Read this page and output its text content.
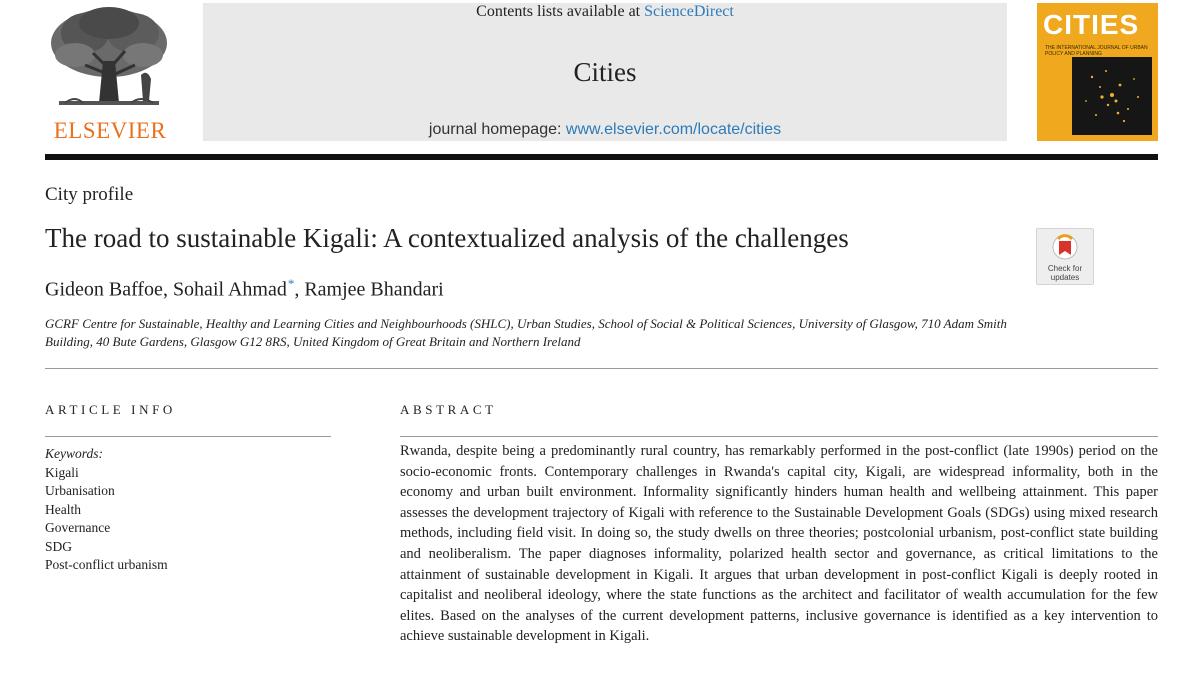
ELSEVIER
Contents lists available at ScienceDirect
Cities
journal homepage: www.elsevier.com/locate/cities
CITIES
THE INTERNATIONAL JOURNAL OF URBAN POLICY AND PLANNING
City profile
The road to sustainable Kigali: A contextualized analysis of the challenges
Check for updates
Gideon Baffoe, Sohail Ahmad*, Ramjee Bhandari
GCRF Centre for Sustainable, Healthy and Learning Cities and Neighbourhoods (SHLC), Urban Studies, School of Social & Political Sciences, University of Glasgow, 710 Adam Smith Building, 40 Bute Gardens, Glasgow G12 8RS, United Kingdom of Great Britain and Northern Ireland
ARTICLE INFO
Keywords:
Kigali
Urbanisation
Health
Governance
SDG
Post-conflict urbanism
ABSTRACT

Rwanda, despite being a predominantly rural country, has remarkably performed in the post-conflict (late 1990s) period on the socio-economic fronts. Contemporary challenges in Rwanda's capital city, Kigali, are widespread informality, both in the economy and urban built environment. Informality significantly hinders human health and wellbeing attainment. This paper assesses the development trajectory of Kigali with reference to the Sustainable Development Goals (SDGs) using mixed research methods, including field visit. In doing so, the study dwells on three theories; postcolonial urbanism, post-conflict state building and neoliberalism. The paper diagnoses informality, polarized health sector and governance, as critical limitations to the attainment of sustainable development in Kigali. It argues that urban development in post-conflict Kigali is deeply rooted in capitalist and neoliberal ideology, where the state functions as the architect and facilitator of wealth accumulation for the few elites. Based on the analyses of the current development patterns, inclusive governance is identified as a key intervention to achieve sustainable development in Kigali.
